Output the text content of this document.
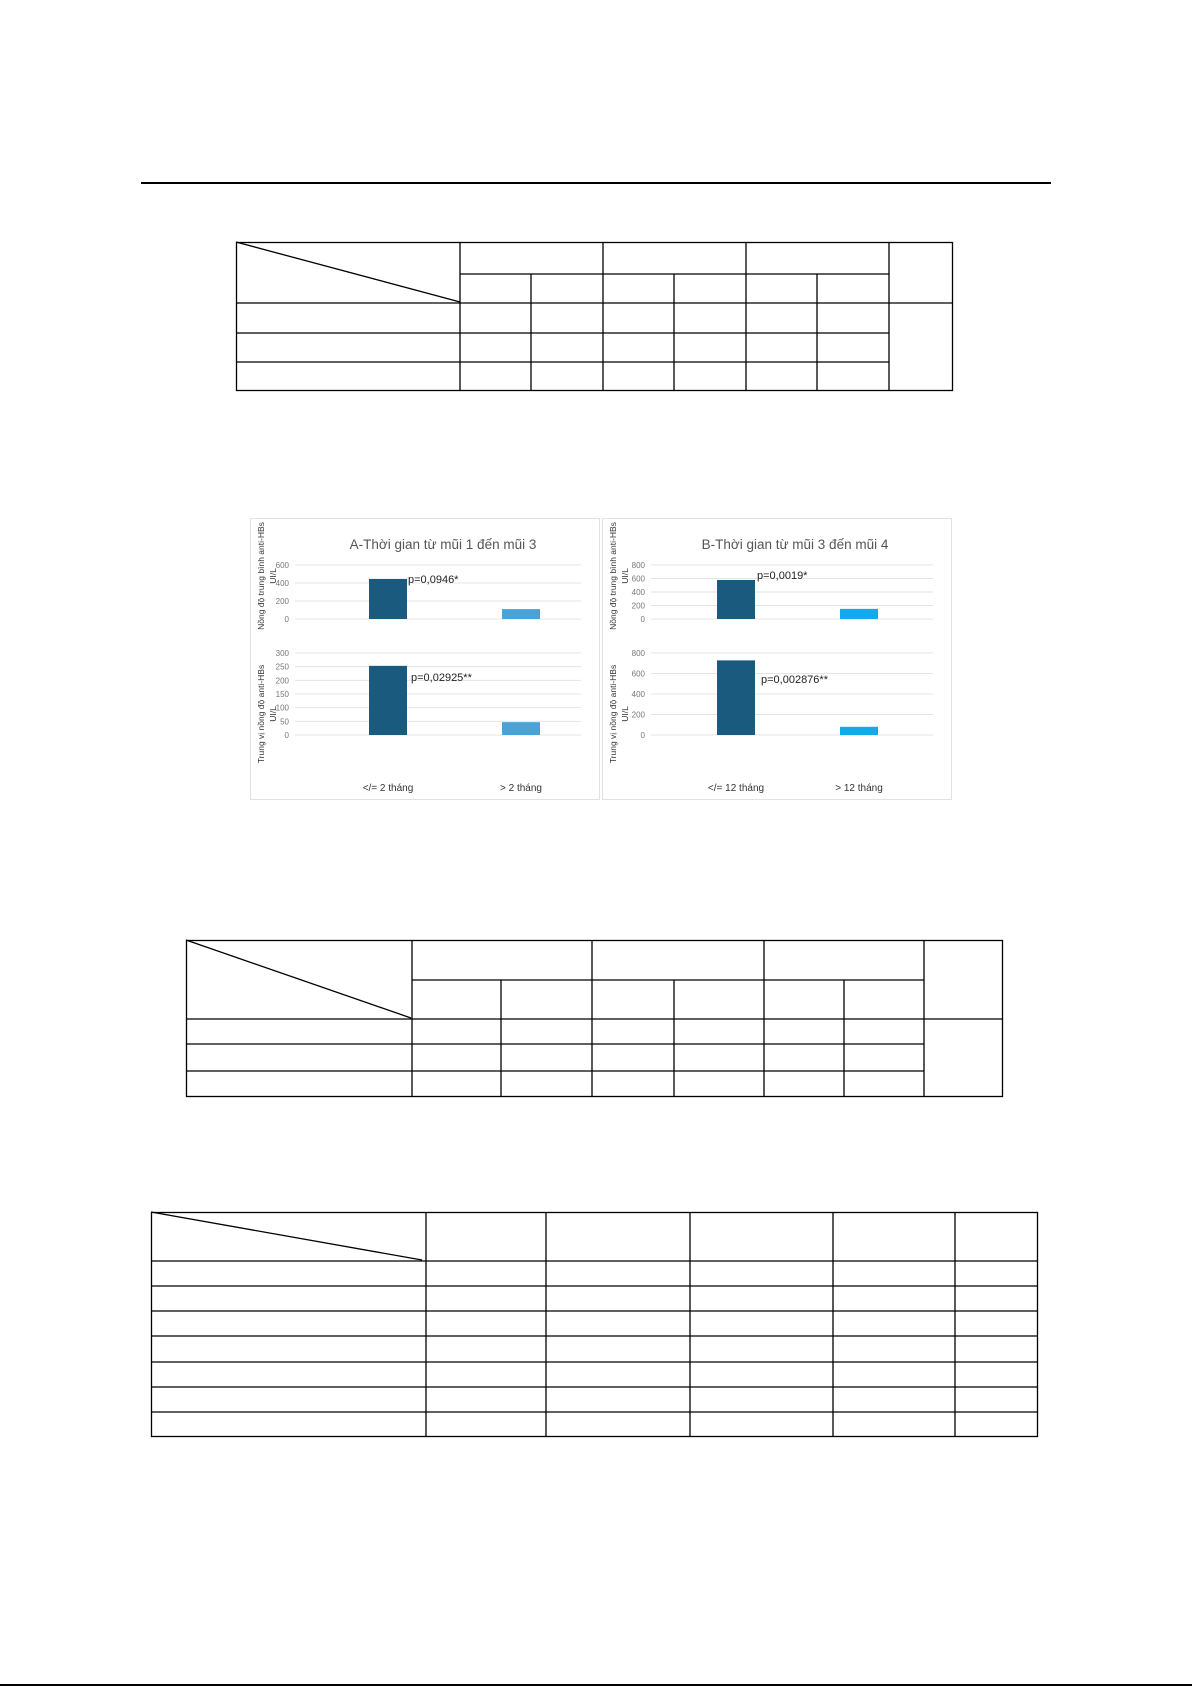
A-Thời gian từ mũi 1 đến mũi 3
Nồng độ trung bình anti-HBs UI/L
Trung vị nồng độ anti-HBs UI/L
</= 2 tháng	> 2 tháng
0
200
400
600
p=0,0946*
0
50
100
150
200
250
300
p=0,02925**
B-Thời gian từ mũi 3 đến mũi 4
Nồng độ trung bình anti-HBs UI/L
Trung vị nồng độ anti-HBs UI/L
</= 12 tháng	> 12 tháng
0
200
400
600
800
p=0,0019*
0
200
400
600
800
p=0,002876**
